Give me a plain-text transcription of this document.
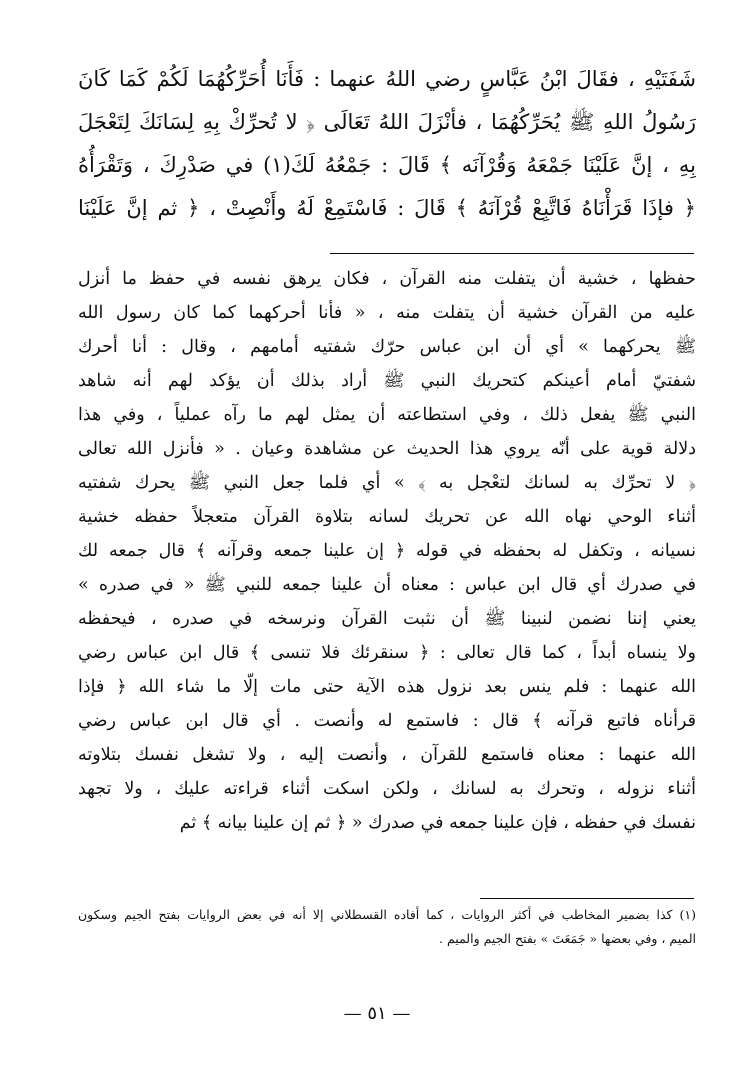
شَفَتَيْهِ ، فقَالَ ابْنُ عَبَّاسٍ رضي اللهُ عنهما : فَأَنَا أُحَرِّكُهُمَا لَكُمْ كَمَا كَانَ

رَسُولُ اللهِ ﷺ يُحَرِّكُهُمَا ، فأنْزَلَ اللهُ تَعَالَى ﴿ لا تُحرِّكْ بِهِ لِسَانَكَ لِتَعْجَلَ

بِهِ ، إنَّ عَلَيْنَا جَمْعَهُ وَقُرْآنَه ﴾ قَالَ : جَمْعُهُ لَكَ(١) في صَدْرِكَ ، وَتَقْرَأُهُ

﴿ فإذَا قَرَأْنَاهُ فَاتَّبِعْ قُرْآنَهُ ﴾ قَالَ : فَاسْتَمِعْ لَهُ وأَنْصِتْ ، ﴿ ثم إنَّ عَلَيْنَا

حفظها ، خشية أن يتفلت منه القرآن ، فكان يرهق نفسه في حفظ ما أنزل

عليه من القرآن خشية أن يتفلت منه ، « فأنا أحركهما كما كان رسول الله

ﷺ يحركهما » أي أن ابن عباس حرّك شفتيه أمامهم ، وقال : أنا أحرك

شفتيّ أمام أعينكم كتحريك النبي ﷺ أراد بذلك أن يؤكد لهم أنه شاهد

النبي ﷺ يفعل ذلك ، وفي استطاعته أن يمثل لهم ما رآه عملياً ، وفي هذا

دلالة قوية على أنّه يروي هذا الحديث عن مشاهدة وعيان . « فأنزل الله تعالى

﴿ لا تحرِّك به لسانك لتعْجل به ﴾ » أي فلما جعل النبي ﷺ يحرك شفتيه

أثناء الوحي نهاه الله عن تحريك لسانه بتلاوة القرآن متعجلاً حفظه خشية

نسيانه ، وتكفل له بحفظه في قوله ﴿ إن علينا جمعه وقرآنه ﴾ قال جمعه لك

في صدرك أي قال ابن عباس : معناه أن علينا جمعه للنبي ﷺ « في صدره »

يعني إننا نضمن لنبينا ﷺ أن نثبت القرآن ونرسخه في صدره ، فيحفظه

ولا ينساه أبداً ، كما قال تعالى : ﴿ سنقرئك فلا تنسى ﴾ قال ابن عباس رضي

الله عنهما : فلم ينس بعد نزول هذه الآية حتى مات إلّا ما شاء الله ﴿ فإذا

قرأناه فاتبع قرآنه ﴾ قال : فاستمع له وأنصت . أي قال ابن عباس رضي

الله عنهما : معناه فاستمع للقرآن ، وأنصت إليه ، ولا تشغل نفسك بتلاوته

أثناء نزوله ، وتحرك به لسانك ، ولكن اسكت أثناء قراءته عليك ، ولا تجهد

نفسك في حفظه ، فإن علينا جمعه في صدرك « ﴿ ثم إن علينا بيانه ﴾ ثم

(١) كذا بضمير المخاطب في أكثر الروايات ، كما أفاده القسطلاني إلا أنه في بعض الروايات بفتح الجيم وسكون

الميم ، وفي بعضها « جَمَعَتَ » بفتح الجيم والميم .

— ٥١ —
